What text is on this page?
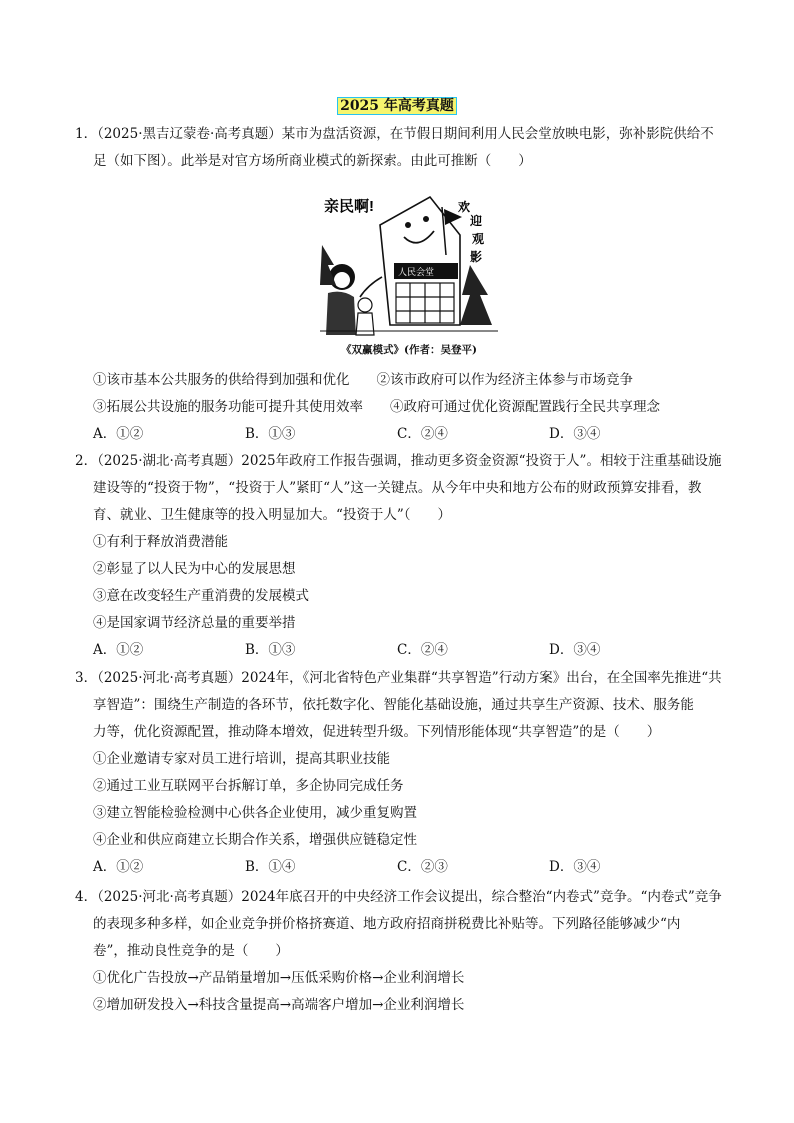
2025 年高考真题
1．（2025·黑吉辽蒙卷·高考真题）某市为盘活资源，在节假日期间利用人民会堂放映电影，弥补影院供给不
足（如下图）。此举是对官方场所商业模式的新探索。由此可推断（　　）
亲民啊!	欢
迎
观
影
人民会堂
《双赢模式》(作者：吴登平)
①该市基本公共服务的供给得到加强和优化　　②该市政府可以作为经济主体参与市场竞争
③拓展公共设施的服务功能可提升其使用效率　　④政府可通过优化资源配置践行全民共享理念
A．①②	B．①③	C．②④	D．③④
2．（2025·湖北·高考真题）2025年政府工作报告强调，推动更多资金资源“投资于人”。相较于注重基础设施
建设等的“投资于物”，“投资于人”紧盯“人”这一关键点。从今年中央和地方公布的财政预算安排看，教
育、就业、卫生健康等的投入明显加大。“投资于人”（　　）
①有利于释放消费潜能
②彰显了以人民为中心的发展思想
③意在改变轻生产重消费的发展模式
④是国家调节经济总量的重要举措
A．①②	B．①③	C．②④	D．③④
3．（2025·河北·高考真题）2024年，《河北省特色产业集群“共享智造”行动方案》出台，在全国率先推进“共
享智造”：围绕生产制造的各环节，依托数字化、智能化基础设施，通过共享生产资源、技术、服务能
力等，优化资源配置，推动降本增效，促进转型升级。下列情形能体现“共享智造”的是（　　）
①企业邀请专家对员工进行培训，提高其职业技能
②通过工业互联网平台拆解订单，多企协同完成任务
③建立智能检验检测中心供各企业使用，减少重复购置
④企业和供应商建立长期合作关系，增强供应链稳定性
A．①②	B．①④	C．②③	D．③④
4．（2025·河北·高考真题）2024年底召开的中央经济工作会议提出，综合整治“内卷式”竞争。“内卷式”竞争
的表现多种多样，如企业竞争拼价格挤赛道、地方政府招商拼税费比补贴等。下列路径能够减少“内
卷”，推动良性竞争的是（　　）
①优化广告投放→产品销量增加→压低采购价格→企业利润增长
②增加研发投入→科技含量提高→高端客户增加→企业利润增长
